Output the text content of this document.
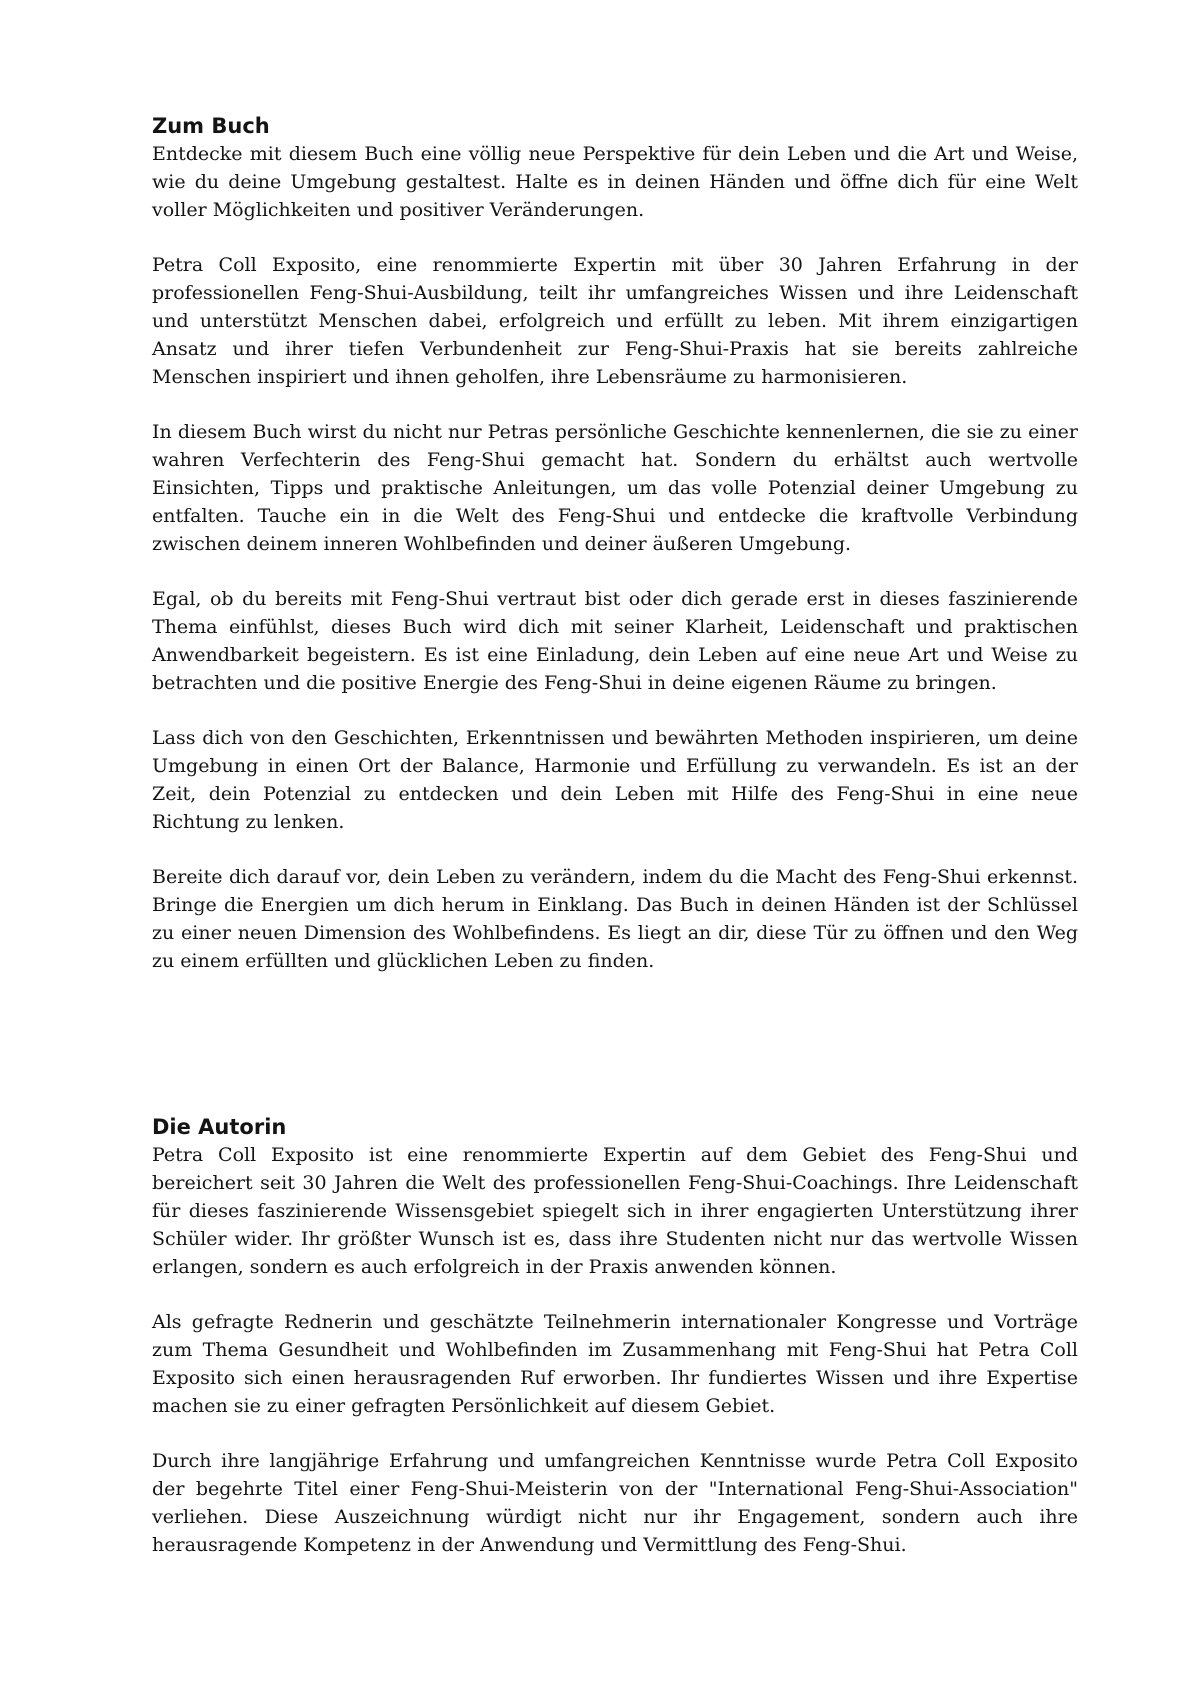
Zum Buch

Entdecke mit diesem Buch eine völlig neue Perspektive für dein Leben und die Art und Weise, wie du deine Umgebung gestaltest. Halte es in deinen Händen und öffne dich für eine Welt voller Möglichkeiten und positiver Veränderungen.

Petra Coll Exposito, eine renommierte Expertin mit über 30 Jahren Erfahrung in der professionellen Feng-Shui-Ausbildung, teilt ihr umfangreiches Wissen und ihre Leidenschaft und unterstützt Menschen dabei, erfolgreich und erfüllt zu leben. Mit ihrem einzigartigen Ansatz und ihrer tiefen Verbundenheit zur Feng-Shui-Praxis hat sie bereits zahlreiche Menschen inspiriert und ihnen geholfen, ihre Lebensräume zu harmonisieren.

In diesem Buch wirst du nicht nur Petras persönliche Geschichte kennenlernen, die sie zu einer wahren Verfechterin des Feng-Shui gemacht hat. Sondern du erhältst auch wertvolle Einsichten, Tipps und praktische Anleitungen, um das volle Potenzial deiner Umgebung zu entfalten. Tauche ein in die Welt des Feng-Shui und entdecke die kraftvolle Verbindung zwischen deinem inneren Wohlbefinden und deiner äußeren Umgebung.

Egal, ob du bereits mit Feng-Shui vertraut bist oder dich gerade erst in dieses faszinierende Thema einfühlst, dieses Buch wird dich mit seiner Klarheit, Leidenschaft und praktischen Anwendbarkeit begeistern. Es ist eine Einladung, dein Leben auf eine neue Art und Weise zu betrachten und die positive Energie des Feng-Shui in deine eigenen Räume zu bringen.

Lass dich von den Geschichten, Erkenntnissen und bewährten Methoden inspirieren, um deine Umgebung in einen Ort der Balance, Harmonie und Erfüllung zu verwandeln. Es ist an der Zeit, dein Potenzial zu entdecken und dein Leben mit Hilfe des Feng-Shui in eine neue Richtung zu lenken.

Bereite dich darauf vor, dein Leben zu verändern, indem du die Macht des Feng-Shui erkennst. Bringe die Energien um dich herum in Einklang. Das Buch in deinen Händen ist der Schlüssel zu einer neuen Dimension des Wohlbefindens. Es liegt an dir, diese Tür zu öffnen und den Weg zu einem erfüllten und glücklichen Leben zu finden.

Die Autorin

Petra Coll Exposito ist eine renommierte Expertin auf dem Gebiet des Feng-Shui und bereichert seit 30 Jahren die Welt des professionellen Feng-Shui-Coachings. Ihre Leidenschaft für dieses faszinierende Wissensgebiet spiegelt sich in ihrer engagierten Unterstützung ihrer Schüler wider. Ihr größter Wunsch ist es, dass ihre Studenten nicht nur das wertvolle Wissen erlangen, sondern es auch erfolgreich in der Praxis anwenden können.

Als gefragte Rednerin und geschätzte Teilnehmerin internationaler Kongresse und Vorträge zum Thema Gesundheit und Wohlbefinden im Zusammenhang mit Feng-Shui hat Petra Coll Exposito sich einen herausragenden Ruf erworben. Ihr fundiertes Wissen und ihre Expertise machen sie zu einer gefragten Persönlichkeit auf diesem Gebiet.

Durch ihre langjährige Erfahrung und umfangreichen Kenntnisse wurde Petra Coll Exposito der begehrte Titel einer Feng-Shui-Meisterin von der "International Feng-Shui-Association" verliehen. Diese Auszeichnung würdigt nicht nur ihr Engagement, sondern auch ihre herausragende Kompetenz in der Anwendung und Vermittlung des Feng-Shui.
